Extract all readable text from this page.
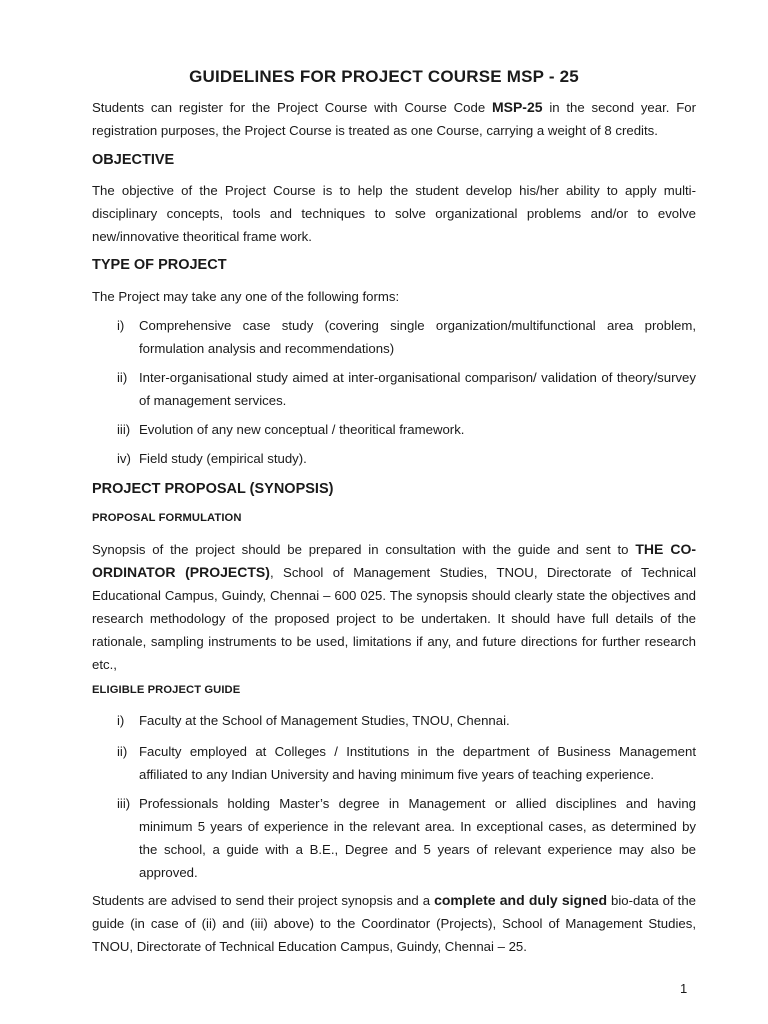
GUIDELINES FOR PROJECT COURSE MSP - 25
Students can register for the Project Course with Course Code MSP-25 in the second year. For registration purposes, the Project Course is treated as one Course, carrying a weight of 8 credits.
OBJECTIVE
The objective of the Project Course is to help the student develop his/her ability to apply multi-disciplinary concepts, tools and techniques to solve organizational problems and/or to evolve new/innovative theoritical frame work.
TYPE OF PROJECT
The Project may take any one of the following forms:
i)	Comprehensive case study (covering single organization/multifunctional area problem, formulation analysis and recommendations)
ii) Inter-organisational study aimed at inter-organisational comparison/ validation of theory/survey of management services.
iii) Evolution of any new conceptual / theoritical framework.
iv) Field study (empirical study).
PROJECT PROPOSAL (SYNOPSIS)
PROPOSAL FORMULATION
Synopsis of the project should be prepared in consultation with the guide and sent to THE CO-ORDINATOR (PROJECTS), School of Management Studies, TNOU, Directorate of Technical Educational Campus, Guindy, Chennai – 600 025. The synopsis should clearly state the objectives and research methodology of the proposed project to be undertaken. It should have full details of the rationale, sampling instruments to be used, limitations if any, and future directions for further research etc.,
ELIGIBLE PROJECT GUIDE
i)	Faculty at the School of Management Studies, TNOU, Chennai.
ii) Faculty employed at Colleges / Institutions in the department of Business Management affiliated to any Indian University and having minimum five years of teaching experience.
iii) Professionals holding Master’s degree in Management or allied disciplines and having minimum 5 years of experience in the relevant area. In exceptional cases, as determined by the school, a guide with a B.E., Degree and 5 years of relevant experience may also be approved.
Students are advised to send their project synopsis and a complete and duly signed bio-data of the guide (in case of (ii) and (iii) above) to the Coordinator (Projects), School of Management Studies, TNOU, Directorate of Technical Education Campus, Guindy, Chennai – 25.
1
